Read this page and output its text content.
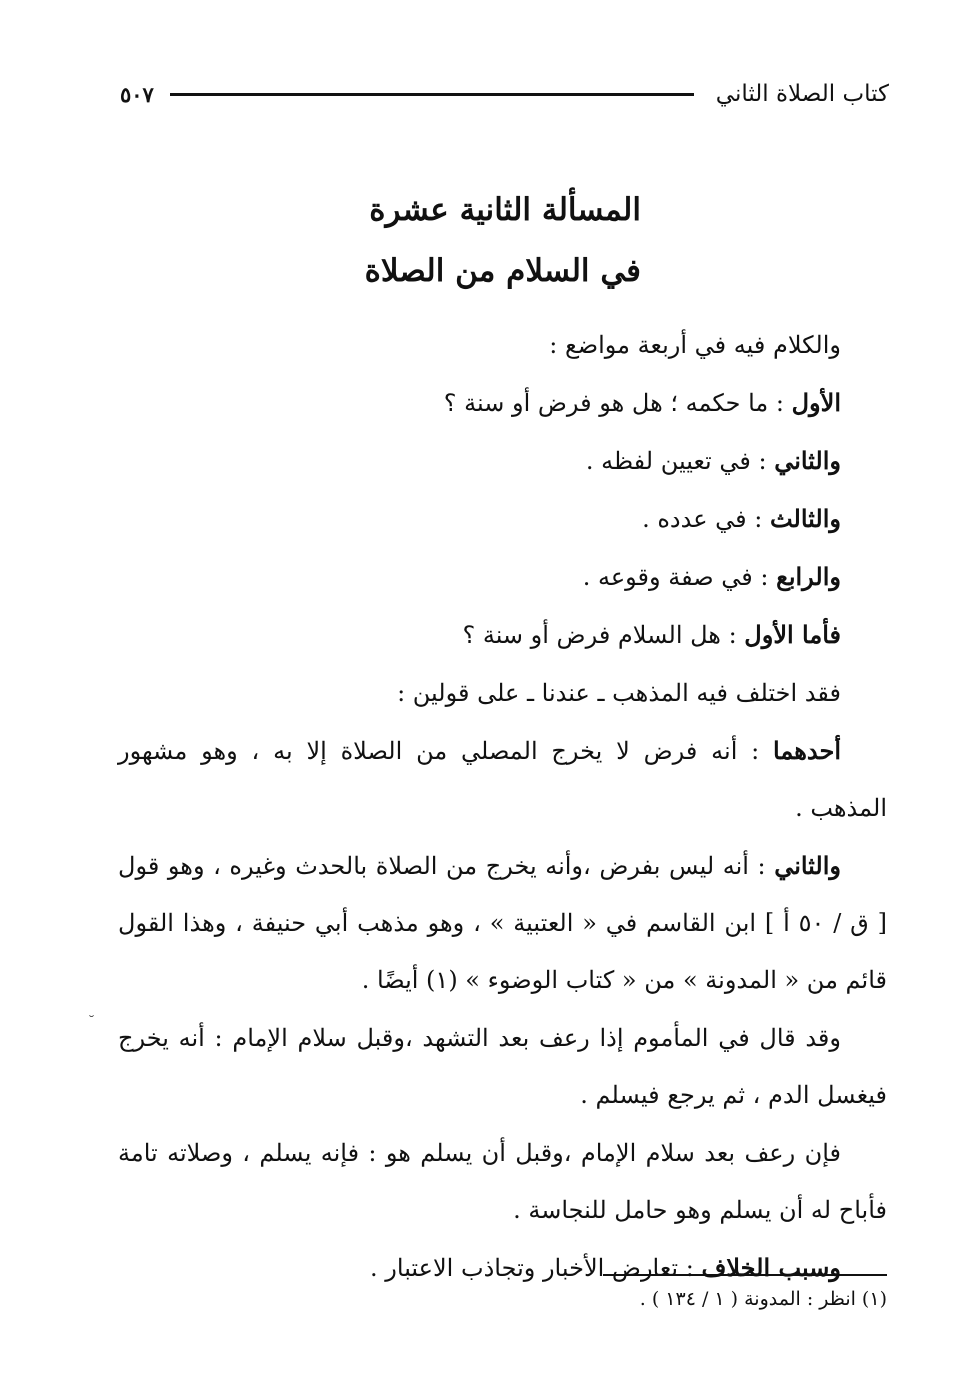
كتاب الصلاة الثاني
٥٠٧
المسألة الثانية عشرة
في السلام من الصلاة

والكلام فيه في أربعة مواضع :

الأول : ما حكمه ؛ هل هو فرض أو سنة ؟

والثاني : في تعيين لفظه .

والثالث : في عدده .

والرابع : في صفة وقوعه .

فأما الأول : هل السلام فرض أو سنة ؟

فقد اختلف فيه المذهب ـ عندنا ـ على قولين :

أحدهما : أنه فرض لا يخرج المصلي من الصلاة إلا به ، وهو مشهور المذهب .

والثاني : أنه ليس بفرض ،وأنه يخرج من الصلاة بالحدث وغيره ، وهو قول [ ق / ٥٠ أ ] ابن القاسم في « العتبية » ، وهو مذهب أبي حنيفة ، وهذا القول قائم من « المدونة » من « كتاب الوضوء » (١) أيضًا .

وقد قال في المأموم إذا رعف بعد التشهد ،وقبل سلام الإمام : أنه يخرج فيغسل الدم ، ثم يرجع فيسلم .

فإن رعف بعد سلام الإمام ،وقبل أن يسلم هو : فإنه يسلم ، وصلاته تامة فأباح له أن يسلم وهو حامل للنجاسة .

وسبب الخلاف : تعارض الأخبار وتجاذب الاعتبار .

(١) انظر : المدونة ( ١ / ١٣٤ ) .
˘
